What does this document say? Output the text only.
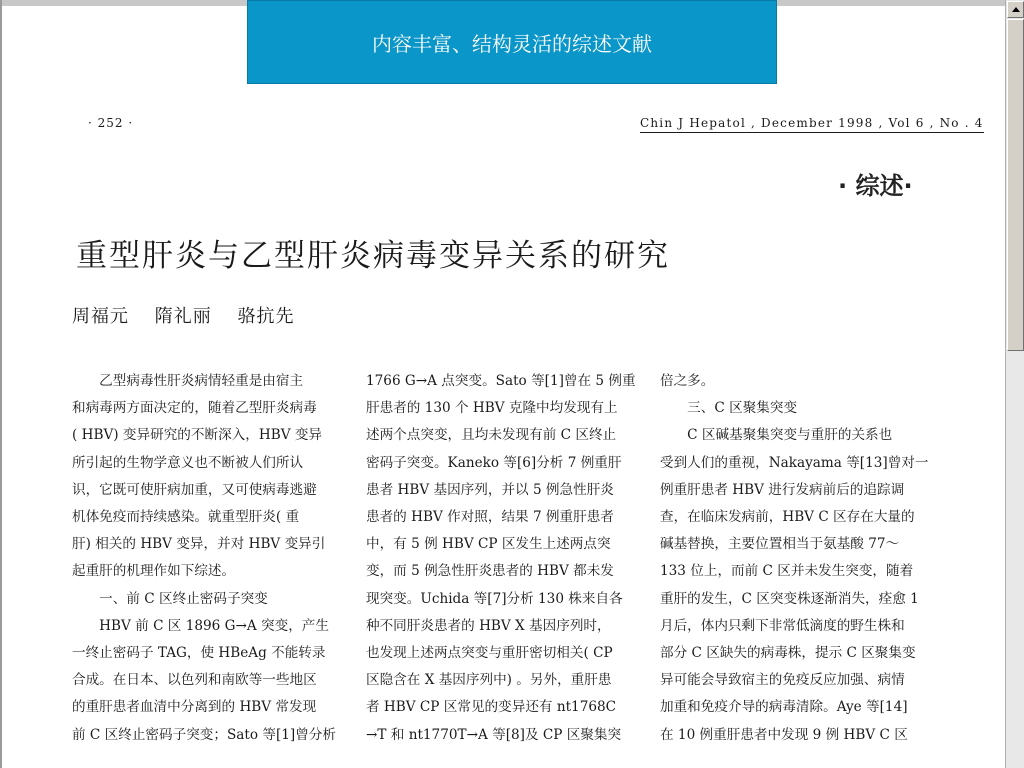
内容丰富、结构灵活的综述文献
· 252 ·	Chin J Hepatol , December 1998 , Vol 6 , No . 4
· 综述·
重型肝炎与乙型肝炎病毒变异关系的研究
周福元　 隋礼丽　 骆抗先

　　乙型病毒性肝炎病情轻重是由宿主

和病毒两方面决定的，随着乙型肝炎病毒

( HBV) 变异研究的不断深入，HBV 变异

所引起的生物学意义也不断被人们所认

识，它既可使肝病加重，又可使病毒逃避

机体免疫而持续感染。就重型肝炎( 重

肝) 相关的 HBV 变异，并对 HBV 变异引

起重肝的机理作如下综述。

　　一、前 C 区终止密码子突变

　　HBV 前 C 区 1896 G→A 突变，产生

一终止密码子 TAG，使 HBeAg 不能转录

合成。在日本、以色列和南欧等一些地区

的重肝患者血清中分离到的 HBV 常发现

前 C 区终止密码子突变；Sato 等[1]曾分析

1766 G→A 点突变。Sato 等[1]曾在 5 例重

肝患者的 130 个 HBV 克隆中均发现有上

述两个点突变，且均未发现有前 C 区终止

密码子突变。Kaneko 等[6]分析 7 例重肝

患者 HBV 基因序列，并以 5 例急性肝炎

患者的 HBV 作对照，结果 7 例重肝患者

中，有 5 例 HBV CP 区发生上述两点突

变，而 5 例急性肝炎患者的 HBV 都未发

现突变。Uchida 等[7]分析 130 株来自各

种不同肝炎患者的 HBV X 基因序列时，

也发现上述两点突变与重肝密切相关( CP

区隐含在 X 基因序列中) 。另外，重肝患

者 HBV CP 区常见的变异还有 nt1768C

→T 和 nt1770T→A 等[8]及 CP 区聚集突

倍之多。

　　三、C 区聚集突变

　　C 区碱基聚集突变与重肝的关系也

受到人们的重视，Nakayama 等[13]曾对一

例重肝患者 HBV 进行发病前后的追踪调

查，在临床发病前，HBV C 区存在大量的

碱基替换，主要位置相当于氨基酸 77～

133 位上，而前 C 区并未发生突变，随着

重肝的发生，C 区突变株逐渐消失，痊愈 1

月后，体内只剩下非常低滴度的野生株和

部分 C 区缺失的病毒株，提示 C 区聚集变

异可能会导致宿主的免疫反应加强、病情

加重和免疫介导的病毒清除。Aye 等[14]

在 10 例重肝患者中发现 9 例 HBV C 区
